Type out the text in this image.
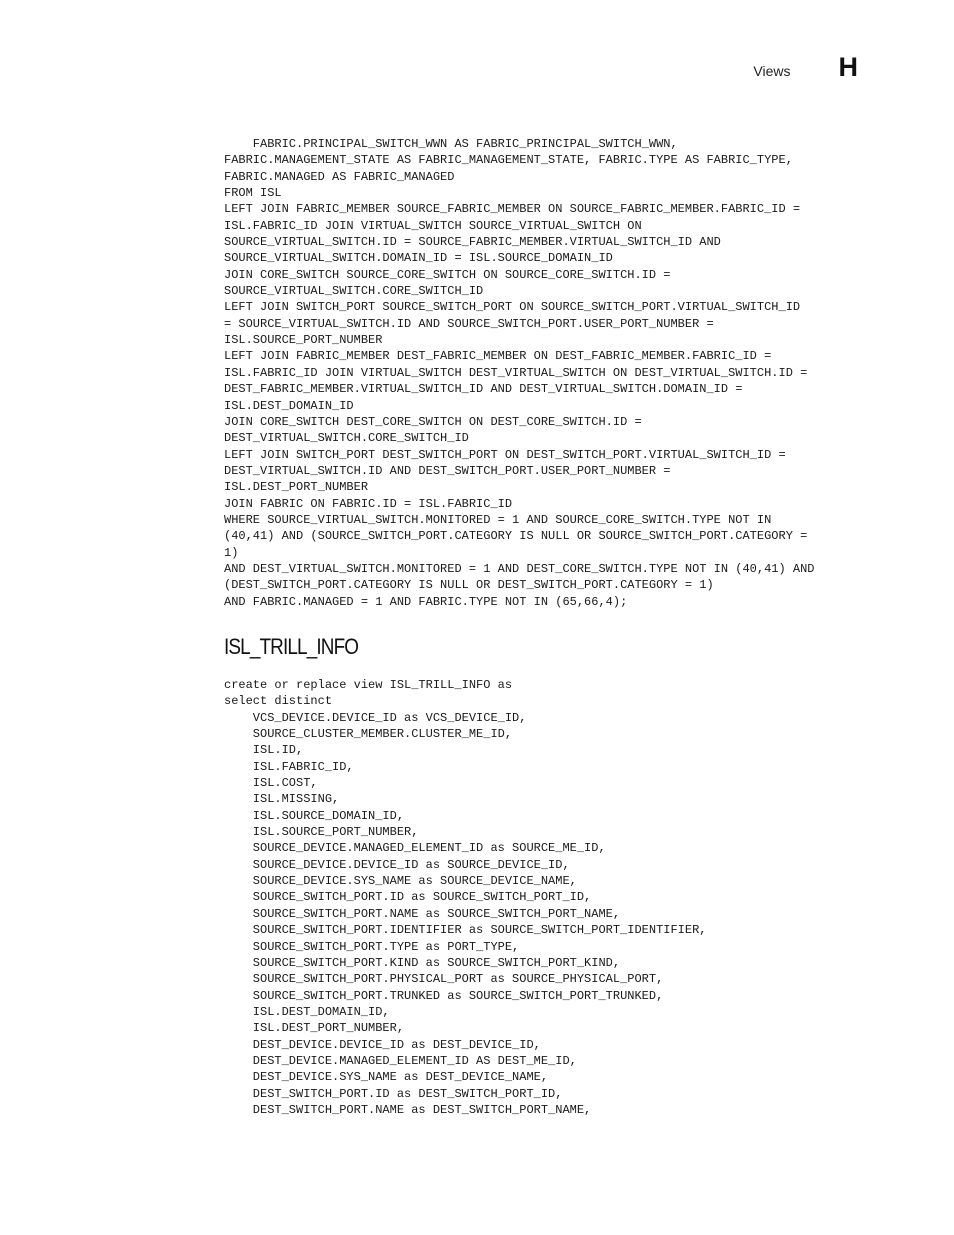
Views H
FABRIC.PRINCIPAL_SWITCH_WWN AS FABRIC_PRINCIPAL_SWITCH_WWN,
FABRIC.MANAGEMENT_STATE AS FABRIC_MANAGEMENT_STATE, FABRIC.TYPE AS FABRIC_TYPE,
FABRIC.MANAGED AS FABRIC_MANAGED
FROM ISL
LEFT JOIN FABRIC_MEMBER SOURCE_FABRIC_MEMBER ON SOURCE_FABRIC_MEMBER.FABRIC_ID =
ISL.FABRIC_ID JOIN VIRTUAL_SWITCH SOURCE_VIRTUAL_SWITCH ON
SOURCE_VIRTUAL_SWITCH.ID = SOURCE_FABRIC_MEMBER.VIRTUAL_SWITCH_ID AND
SOURCE_VIRTUAL_SWITCH.DOMAIN_ID = ISL.SOURCE_DOMAIN_ID
JOIN CORE_SWITCH SOURCE_CORE_SWITCH ON SOURCE_CORE_SWITCH.ID =
SOURCE_VIRTUAL_SWITCH.CORE_SWITCH_ID
LEFT JOIN SWITCH_PORT SOURCE_SWITCH_PORT ON SOURCE_SWITCH_PORT.VIRTUAL_SWITCH_ID
= SOURCE_VIRTUAL_SWITCH.ID AND SOURCE_SWITCH_PORT.USER_PORT_NUMBER =
ISL.SOURCE_PORT_NUMBER
LEFT JOIN FABRIC_MEMBER DEST_FABRIC_MEMBER ON DEST_FABRIC_MEMBER.FABRIC_ID =
ISL.FABRIC_ID JOIN VIRTUAL_SWITCH DEST_VIRTUAL_SWITCH ON DEST_VIRTUAL_SWITCH.ID =
DEST_FABRIC_MEMBER.VIRTUAL_SWITCH_ID AND DEST_VIRTUAL_SWITCH.DOMAIN_ID =
ISL.DEST_DOMAIN_ID
JOIN CORE_SWITCH DEST_CORE_SWITCH ON DEST_CORE_SWITCH.ID =
DEST_VIRTUAL_SWITCH.CORE_SWITCH_ID
LEFT JOIN SWITCH_PORT DEST_SWITCH_PORT ON DEST_SWITCH_PORT.VIRTUAL_SWITCH_ID =
DEST_VIRTUAL_SWITCH.ID AND DEST_SWITCH_PORT.USER_PORT_NUMBER =
ISL.DEST_PORT_NUMBER
JOIN FABRIC ON FABRIC.ID = ISL.FABRIC_ID
WHERE SOURCE_VIRTUAL_SWITCH.MONITORED = 1 AND SOURCE_CORE_SWITCH.TYPE NOT IN
(40,41) AND (SOURCE_SWITCH_PORT.CATEGORY IS NULL OR SOURCE_SWITCH_PORT.CATEGORY =
1)
AND DEST_VIRTUAL_SWITCH.MONITORED = 1 AND DEST_CORE_SWITCH.TYPE NOT IN (40,41) AND
(DEST_SWITCH_PORT.CATEGORY IS NULL OR DEST_SWITCH_PORT.CATEGORY = 1)
AND FABRIC.MANAGED = 1 AND FABRIC.TYPE NOT IN (65,66,4);
ISL_TRILL_INFO
create or replace view ISL_TRILL_INFO as
select distinct
VCS_DEVICE.DEVICE_ID as VCS_DEVICE_ID,
SOURCE_CLUSTER_MEMBER.CLUSTER_ME_ID,
ISL.ID,
ISL.FABRIC_ID,
ISL.COST,
ISL.MISSING,
ISL.SOURCE_DOMAIN_ID,
ISL.SOURCE_PORT_NUMBER,
SOURCE_DEVICE.MANAGED_ELEMENT_ID as SOURCE_ME_ID,
SOURCE_DEVICE.DEVICE_ID as SOURCE_DEVICE_ID,
SOURCE_DEVICE.SYS_NAME as SOURCE_DEVICE_NAME,
SOURCE_SWITCH_PORT.ID as SOURCE_SWITCH_PORT_ID,
SOURCE_SWITCH_PORT.NAME as SOURCE_SWITCH_PORT_NAME,
SOURCE_SWITCH_PORT.IDENTIFIER as SOURCE_SWITCH_PORT_IDENTIFIER,
SOURCE_SWITCH_PORT.TYPE as PORT_TYPE,
SOURCE_SWITCH_PORT.KIND as SOURCE_SWITCH_PORT_KIND,
SOURCE_SWITCH_PORT.PHYSICAL_PORT as SOURCE_PHYSICAL_PORT,
SOURCE_SWITCH_PORT.TRUNKED as SOURCE_SWITCH_PORT_TRUNKED,
ISL.DEST_DOMAIN_ID,
ISL.DEST_PORT_NUMBER,
DEST_DEVICE.DEVICE_ID as DEST_DEVICE_ID,
DEST_DEVICE.MANAGED_ELEMENT_ID AS DEST_ME_ID,
DEST_DEVICE.SYS_NAME as DEST_DEVICE_NAME,
DEST_SWITCH_PORT.ID as DEST_SWITCH_PORT_ID,
DEST_SWITCH_PORT.NAME as DEST_SWITCH_PORT_NAME,
